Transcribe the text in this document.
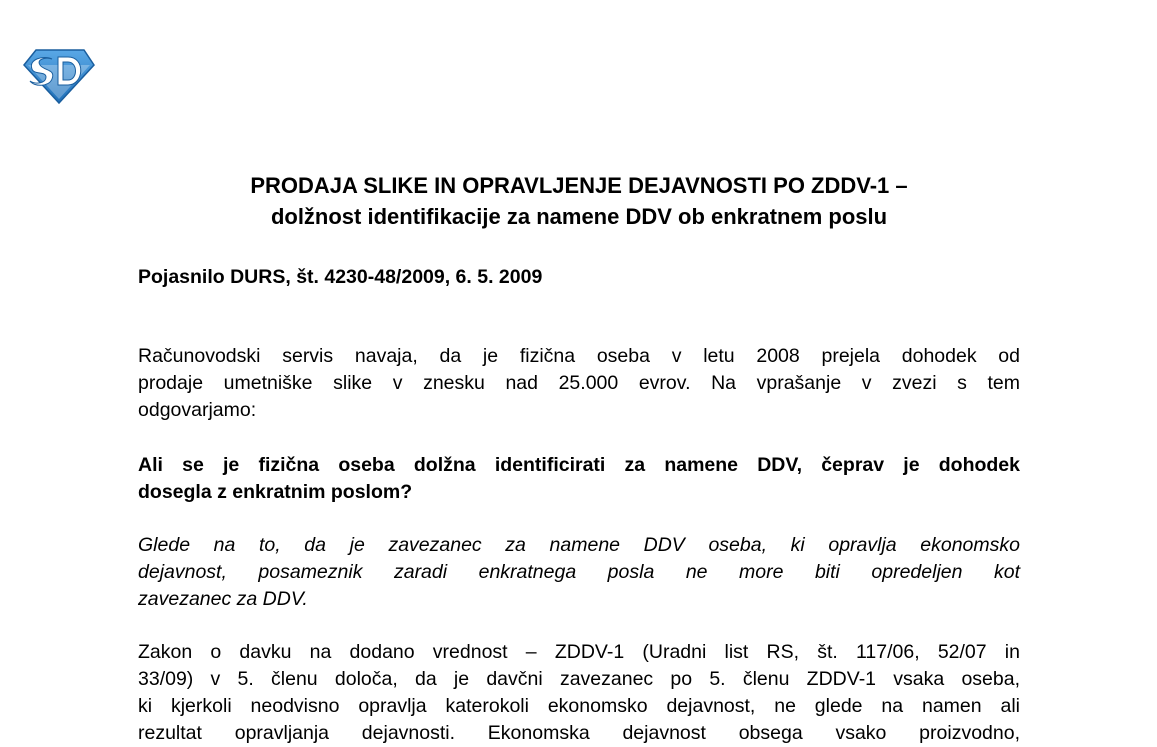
PRODAJA SLIKE IN OPRAVLJENJE DEJAVNOSTI PO ZDDV-1 –
dolžnost identifikacije za namene DDV ob enkratnem poslu
Pojasnilo DURS, št. 4230-48/2009, 6. 5. 2009
Računovodski servis navaja, da je fizična oseba v letu 2008 prejela dohodek od
prodaje umetniške slike v znesku nad 25.000 evrov. Na vprašanje v zvezi s tem
odgovarjamo:
Ali se je fizična oseba dolžna identificirati za namene DDV, čeprav je dohodek
dosegla z enkratnim poslom?
Glede na to, da je zavezanec za namene DDV oseba, ki opravlja ekonomsko
dejavnost, posameznik zaradi enkratnega posla ne more biti opredeljen kot
zavezanec za DDV.
Zakon o davku na dodano vrednost – ZDDV-1 (Uradni list RS, št. 117/06, 52/07 in
33/09) v 5. členu določa, da je davčni zavezanec po 5. členu ZDDV-1 vsaka oseba,
ki kjerkoli neodvisno opravlja katerokoli ekonomsko dejavnost, ne glede na namen ali
rezultat opravljanja dejavnosti. Ekonomska dejavnost obsega vsako proizvodno,
